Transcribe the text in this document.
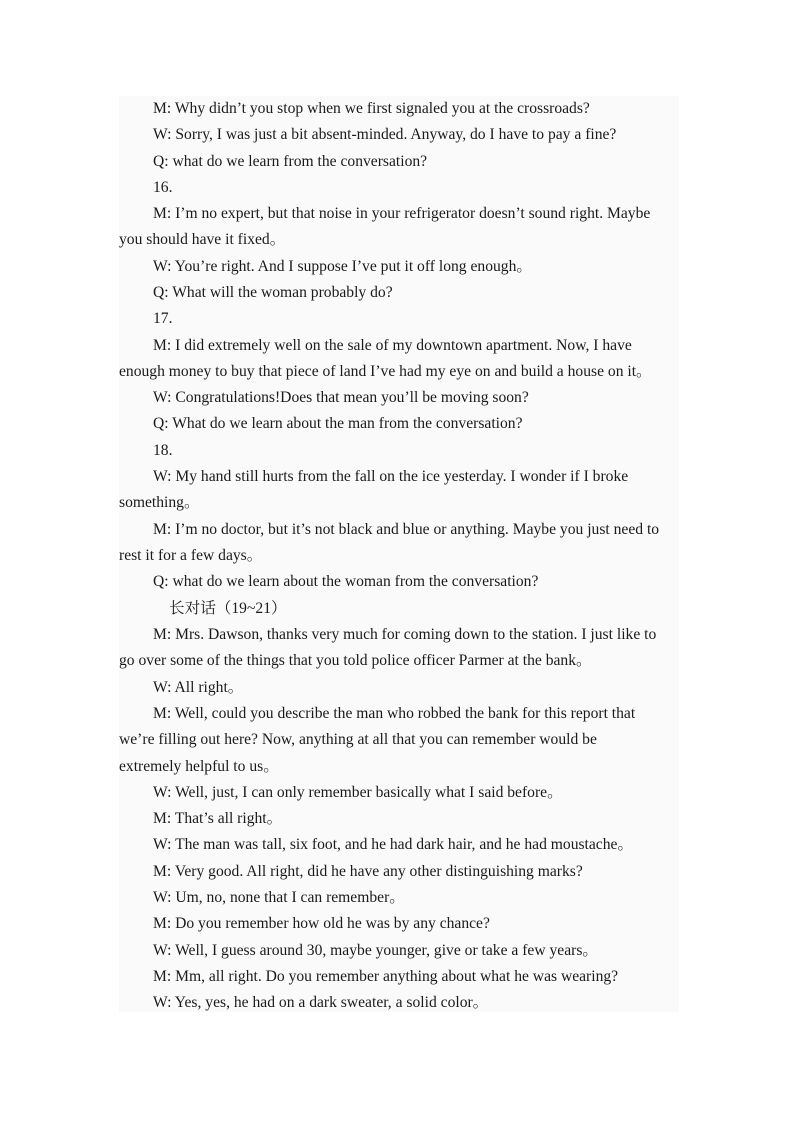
M: Why didn’t you stop when we first signaled you at the crossroads?
W: Sorry, I was just a bit absent-minded. Anyway, do I have to pay a fine?
Q: what do we learn from the conversation?
16.
M: I’m no expert, but that noise in your refrigerator doesn’t sound right. Maybe
you should have it fixed。
W: You’re right. And I suppose I’ve put it off long enough。
Q: What will the woman probably do?
17.
M: I did extremely well on the sale of my downtown apartment. Now, I have
enough money to buy that piece of land I’ve had my eye on and build a house on it。
W: Congratulations!Does that mean you’ll be moving soon?
Q: What do we learn about the man from the conversation?
18.
W: My hand still hurts from the fall on the ice yesterday. I wonder if I broke
something。
M: I’m no doctor, but it’s not black and blue or anything. Maybe you just need to
rest it for a few days。
Q: what do we learn about the woman from the conversation?
长对话（19~21）
M: Mrs. Dawson, thanks very much for coming down to the station. I just like to
go over some of the things that you told police officer Parmer at the bank。
W: All right。
M: Well, could you describe the man who robbed the bank for this report that
we’re filling out here? Now, anything at all that you can remember would be
extremely helpful to us。
W: Well, just, I can only remember basically what I said before。
M: That’s all right。
W: The man was tall, six foot, and he had dark hair, and he had moustache。
M: Very good. All right, did he have any other distinguishing marks?
W: Um, no, none that I can remember。
M: Do you remember how old he was by any chance?
W: Well, I guess around 30, maybe younger, give or take a few years。
M: Mm, all right. Do you remember anything about what he was wearing?
W: Yes, yes, he had on a dark sweater, a solid color。
